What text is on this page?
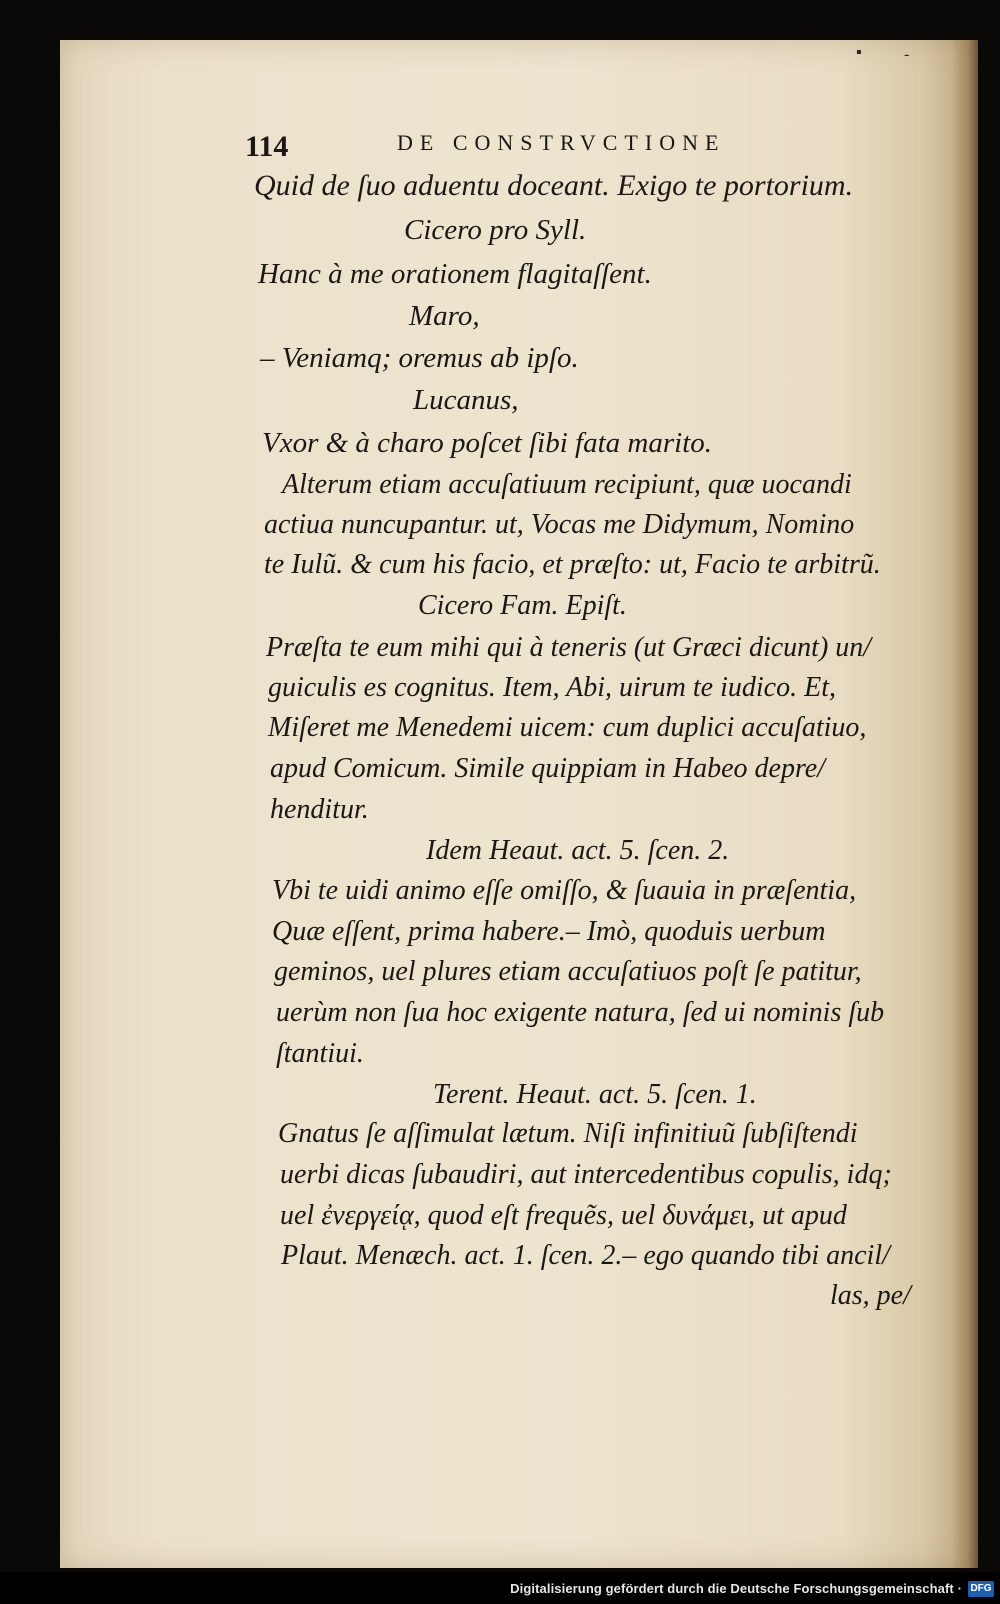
▪	-
114	DE CONSTRVCTIONE
Quid de ſuo aduentu doceant. Exigo te portorium.
Cicero pro Syll.
Hanc à me orationem flagitaſſent.
Maro,
– Veniamq; oremus ab ipſo.
Lucanus,
Vxor & à charo poſcet ſibi fata marito.
Alterum etiam accuſatiuum recipiunt, quæ uocandi
actiua nuncupantur. ut, Vocas me Didymum, Nomino
te Iulũ. & cum his facio, et præſto: ut, Facio te arbitrũ.
Cicero Fam. Epiſt.
Præſta te eum mihi qui à teneris (ut Græci dicunt) un/
guiculis es cognitus. Item, Abi, uirum te iudico. Et,
Miſeret me Menedemi uicem: cum duplici accuſatiuo,
apud Comicum. Simile quippiam in Habeo depre/
henditur.
Idem Heaut. act. 5. ſcen. 2.
Vbi te uidi animo eſſe omiſſo, & ſuauia in præſentia,
Quæ eſſent, prima habere.– Imò, quoduis uerbum
geminos, uel plures etiam accuſatiuos poſt ſe patitur,
uerùm non ſua hoc exigente natura, ſed ui nominis ſub
ſtantiui.
Terent. Heaut. act. 5. ſcen. 1.
Gnatus ſe aſſimulat lætum. Niſi infinitiuũ ſubſiſtendi
uerbi dicas ſubaudiri, aut intercedentibus copulis, idq;
uel ἐνεργείᾳ, quod eſt frequẽs, uel δυνάμει, ut apud
Plaut. Menæch. act. 1. ſcen. 2.– ego quando tibi ancil/
las, pe/
Digitalisierung gefördert durch die Deutsche Forschungsgemeinschaft · DFG
